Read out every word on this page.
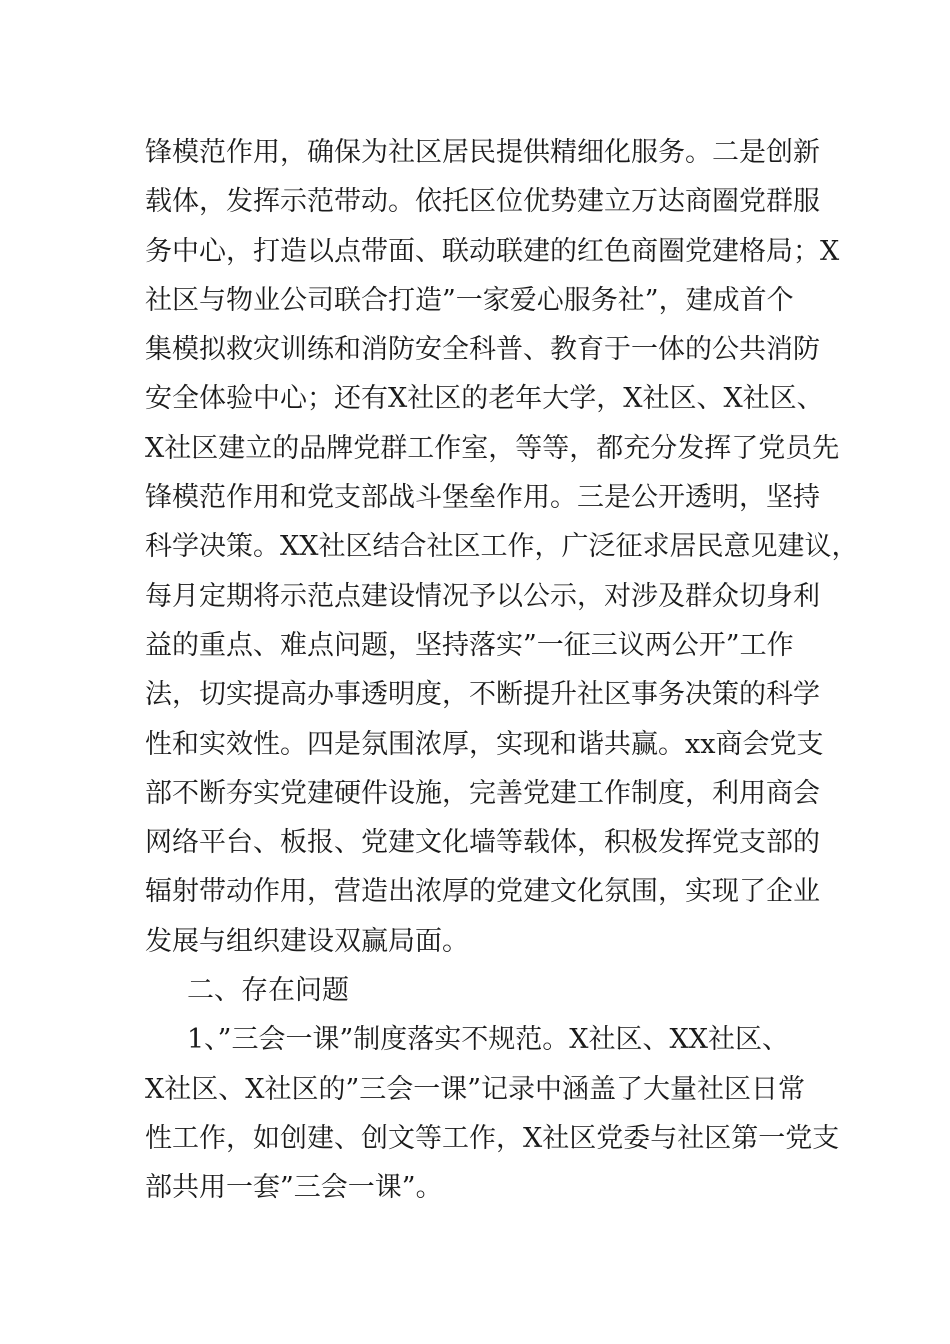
锋模范作用，确保为社区居民提供精细化服务。二是创新
载体，发挥示范带动。依托区位优势建立万达商圈党群服
务中心，打造以点带面、联动联建的红色商圈党建格局；X
社区与物业公司联合打造”一家爱心服务社”，建成首个
集模拟救灾训练和消防安全科普、教育于一体的公共消防
安全体验中心；还有X社区的老年大学，X社区、X社区、
X社区建立的品牌党群工作室，等等，都充分发挥了党员先
锋模范作用和党支部战斗堡垒作用。三是公开透明，坚持
科学决策。XX社区结合社区工作，广泛征求居民意见建议，
每月定期将示范点建设情况予以公示，对涉及群众切身利
益的重点、难点问题，坚持落实”一征三议两公开”工作
法，切实提高办事透明度，不断提升社区事务决策的科学
性和实效性。四是氛围浓厚，实现和谐共赢。xx商会党支
部不断夯实党建硬件设施，完善党建工作制度，利用商会
网络平台、板报、党建文化墙等载体，积极发挥党支部的
辐射带动作用，营造出浓厚的党建文化氛围，实现了企业
发展与组织建设双赢局面。
二、存在问题
1、”三会一课”制度落实不规范。X社区、XX社区、
X社区、X社区的”三会一课”记录中涵盖了大量社区日常
性工作，如创建、创文等工作，X社区党委与社区第一党支
部共用一套”三会一课”。
